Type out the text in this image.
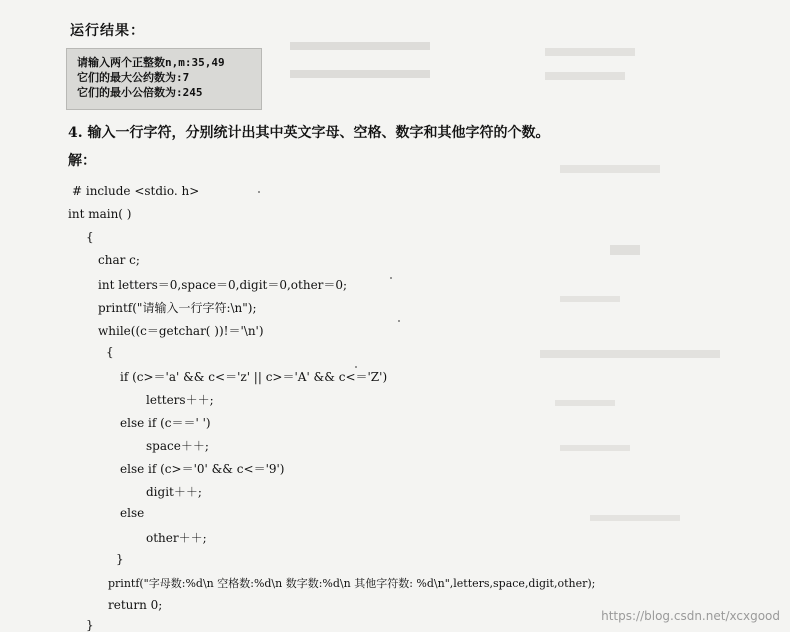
运行结果：
请输入两个正整数n,m:35,49
它们的最大公约数为:7
它们的最小公倍数为:245
4. 输入一行字符，分别统计出其中英文字母、空格、数字和其他字符的个数。
解：
# include <stdio. h>
int main( )
{
char c;
int letters＝0,space＝0,digit＝0,other＝0;
printf("请输入一行字符:\n");
while((c＝getchar( ))!＝'\n')
{
if (c>＝'a' && c<＝'z' || c>＝'A' && c<＝'Z')
letters＋＋;
else if (c＝＝' ')
space＋＋;
else if (c>＝'0' && c<＝'9')
digit＋＋;
else
other＋＋;
}
printf("字母数:%d\n 空格数:%d\n 数字数:%d\n 其他字符数: %d\n",letters,space,digit,other);
return 0;
}
https://blog.csdn.net/xcxgood
